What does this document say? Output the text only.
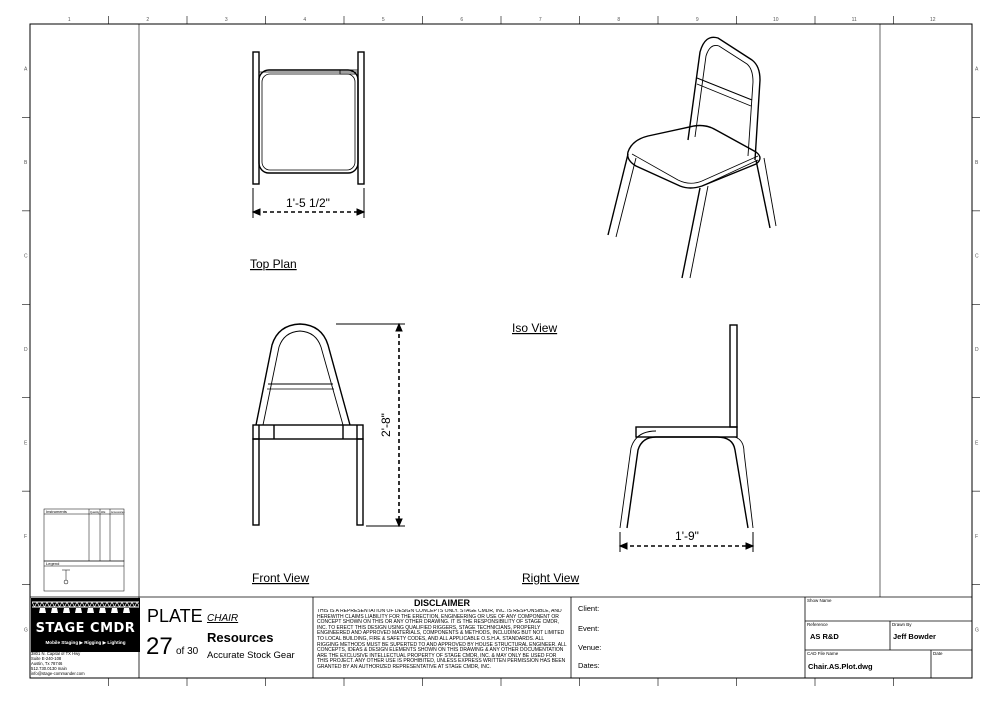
1	2	3	4	5	6	7	8	9	10	11	12
A	A
B	B
C	C
D	D
E	E
F	F
G	G
1'-5 1/2"
Top Plan
2'-8"
Front View
1'-9"
Right View
Iso View
Instruments	Quantity Wat Accessories
Legend
STAGE CMDR
Mobile Staging ▶ Rigging ▶ Lighting
3801 N. Capital of TX Hwy
Suite E-240-108
Austin, Tx 78746
512.730.0130 main
info@stage-commander.com
PLATE CHAIR
27 of 30
Resources
Accurate Stock Gear
DISCLAIMER
THIS IS A REPRESENTATION OF DESIGN CONCEPTS ONLY. STAGE CMDR, INC. IS RESPONSIBLE, AND HEREWITH CLAIMS LIABILITY FOR THE ERECTION, ENGINEERING OR USE OF ANY COMPONENT OR CONCEPT SHOWN ON THIS OR ANY OTHER DRAWING. IT IS THE RESPONSIBILITY OF STAGE CMDR, INC. TO ERECT THIS DESIGN USING QUALIFIED RIGGERS, STAGE TECHNICIANS, PROPERLY ENGINEERED AND APPROVED MATERIALS, COMPONENTS & METHODS, INCLUDING BUT NOT LIMITED TO LOCAL BUILDING, FIRE & SAFETY CODES, AND ALL APPLICABLE O.S.H.A. STANDARDS. ALL RIGGING METHODS MUST BE SUPERTED TO AND APPROVED BY HOUSE STRUCTURAL ENGINEER. ALL CONCEPTS, IDEAS & DESIGN ELEMENTS SHOWN ON THIS DRAWING & ANY OTHER DOCUMENTATION ARE THE EXCLUSIVE INTELLECTUAL PROPERTY OF STAGE CMDR, INC. & MAY ONLY BE USED FOR THIS PROJECT. ANY OTHER USE IS PROHIBITED, UNLESS EXPRESS WRITTEN PERMISSION HAS BEEN GRANTED BY AN AUTHORIZED REPRESENTATIVE AT STAGE CMDR, INC.
Client:
Event:
Venue:
Dates:
Show Name
Reference
AS R&D
Drawn By
Jeff Bowder
CAD File Name
Chair.AS.Plot.dwg
Date
